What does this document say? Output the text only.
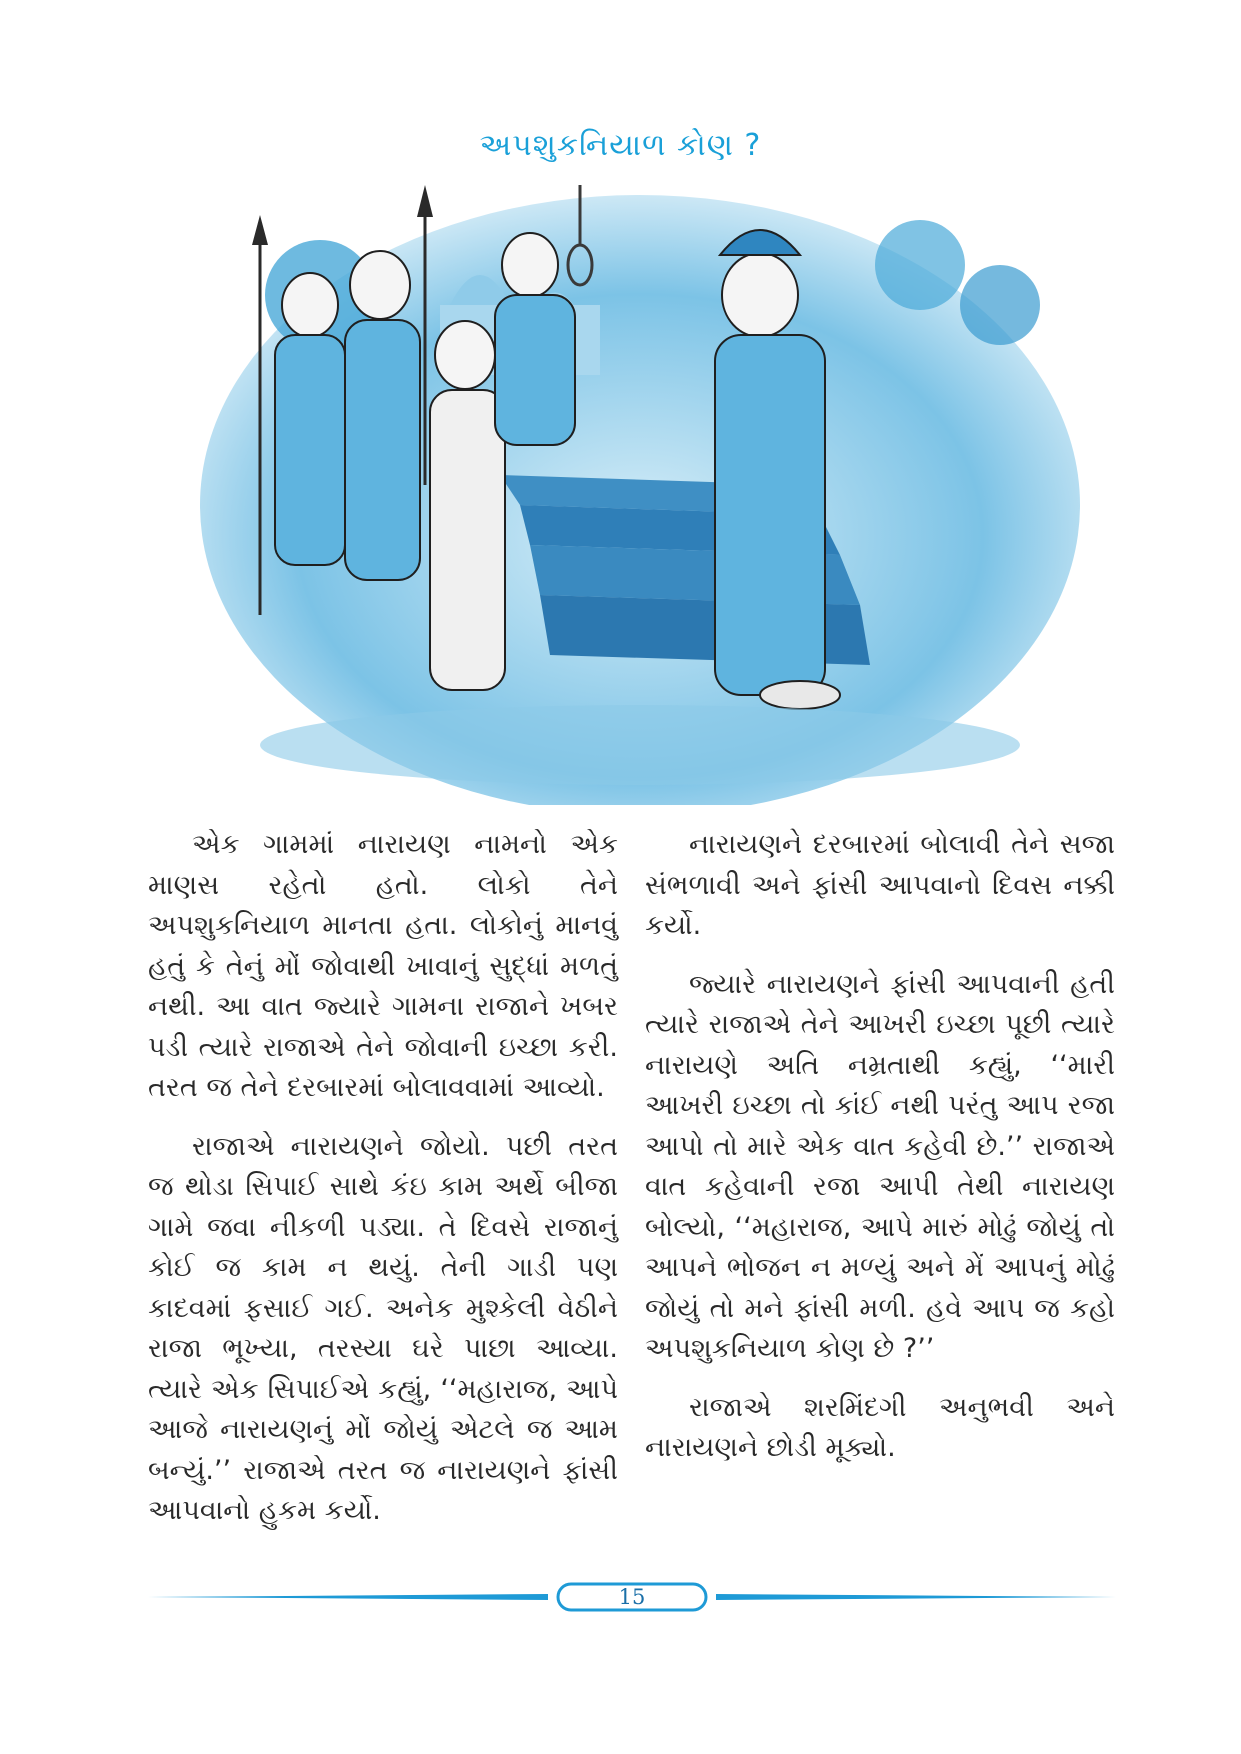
અપશુકનિયાળ કોણ ?

એક ગામમાં નારાયણ નામનો એક માણસ રહેતો હતો. લોકો તેને અપશુકનિયાળ માનતા હતા. લોકોનું માનવું હતું કે તેનું મોં જોવાથી ખાવાનું સુદ્ધાં મળતું નથી. આ વાત જ્યારે ગામના રાજાને ખબર પડી ત્યારે રાજાએ તેને જોવાની ઇચ્છા કરી. તરત જ તેને દરબારમાં બોલાવવામાં આવ્યો.

રાજાએ નારાયણને જોયો. પછી તરત જ થોડા સિપાઈ સાથે કંઇ કામ અર્થે બીજા ગામે જવા નીકળી પડ્યા. તે દિવસે રાજાનું કોઈ જ કામ ન થયું. તેની ગાડી પણ કાદવમાં ફસાઈ ગઈ. અનેક મુશ્કેલી વેઠીને રાજા ભૂખ્યા, તરસ્યા ઘરે પાછા આવ્યા. ત્યારે એક સિપાઈએ કહ્યું, ‘‘મહારાજ, આપે આજે નારાયણનું મોં જોયું એટલે જ આમ બન્યું.’’ રાજાએ તરત જ નારાયણને ફાંસી આપવાનો હુકમ કર્યો.

નારાયણને દરબારમાં બોલાવી તેને સજા સંભળાવી અને ફાંસી આપવાનો દિવસ નક્કી કર્યો.

જ્યારે નારાયણને ફાંસી આપવાની હતી ત્યારે રાજાએ તેને આખરી ઇચ્છા પૂછી ત્યારે નારાયણે અતિ નમ્રતાથી કહ્યું, ‘‘મારી આખરી ઇચ્છા તો કાંઈ નથી પરંતુ આપ રજા આપો તો મારે એક વાત કહેવી છે.’’ રાજાએ વાત કહેવાની રજા આપી તેથી નારાયણ બોલ્યો, ‘‘મહારાજ, આપે મારું મોઢું જોયું તો આપને ભોજન ન મળ્યું અને મેં આપનું મોઢું જોયું તો મને ફાંસી મળી. હવે આપ જ કહો અપશુકનિયાળ કોણ છે ?’’

રાજાએ શરમિંદગી અનુભવી અને નારાયણને છોડી મૂક્યો.

15
